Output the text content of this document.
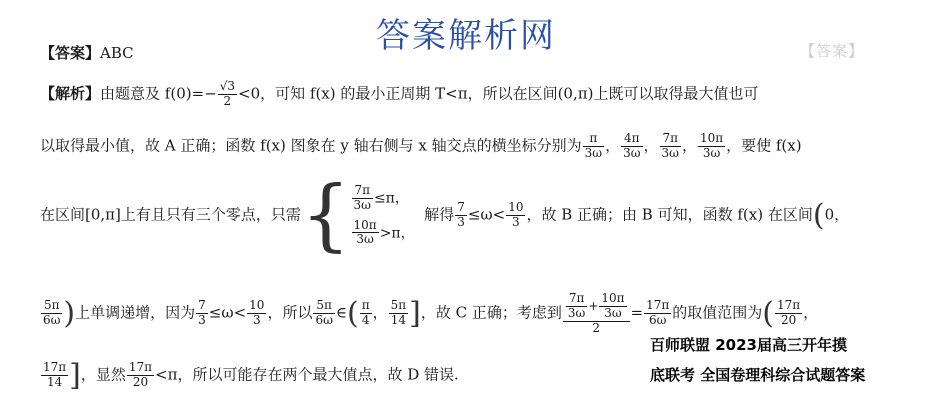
【答案】
答案解析网
【答案】ABC
【解析】由题意及 $f(0)=- \frac{√3}{2} <0$，可知 f(x) 的最小正周期 T<π，所以在区间(0,π)上既可以取得最大值也可
以取得最小值，故 A 正确；函数 f(x) 图象在 y 轴右侧与 x 轴交点的横坐标分别为 $\frac{\pi}{3\omega}$ ， $\frac{4\pi}{3\omega}$ ， $\frac{7\pi}{3\omega}$ ， $\frac{10\pi}{3\omega}$ ，要使 f(x)
在区间[0,π]上有且只有三个零点，只需{ $\frac{7\pi}{3\omega} \le\pi$，
$\frac{10\pi}{3\omega} >\pi$，
解得 $\frac{7}{3} \le\omega< \frac{10}{3}$ ，故 B 正确；由 B 可知，函数 f(x) 在区间(0，
$\frac{5\pi}{6\omega}$ )上单调递增，因为 $\frac{7}{3} \le\omega< \frac{10}{3}$ ，所以 $\frac{5\pi}{6\omega}$ ∈( $\frac{\pi}{4}$ ， $\frac{5\pi}{14}$ ]，故 C 正确；考虑到 $\frac{\frac{7\pi}{3\omega} + \frac{10\pi}{3\omega}}{2} = \frac{17\pi}{6\omega}$ 的取值范围为( $\frac{17\pi}{20}$ ，
$\frac{17\pi}{14}$ ]，显然 $\frac{17\pi}{20} <\pi$，所以可能存在两个最大值点，故 D 错误.
百师联盟 2023届高三开年摸
底联考 全国卷理科综合试题答案
